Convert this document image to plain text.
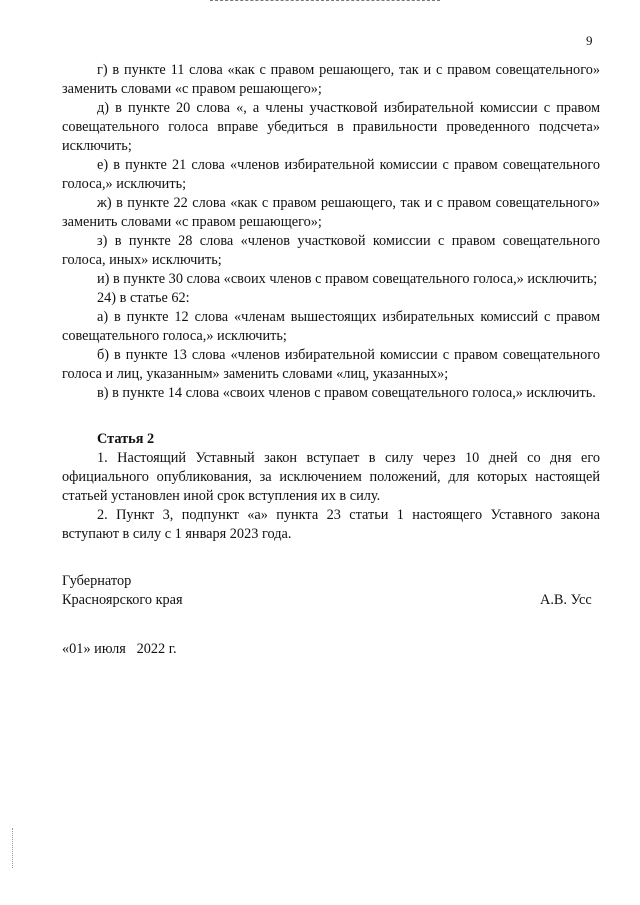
9

г) в пункте 11 слова «как с правом решающего, так и с правом совещательного» заменить словами «с правом решающего»;

д) в пункте 20 слова «, а члены участковой избирательной комиссии с правом совещательного голоса вправе убедиться в правильности проведенного подсчета» исключить;

е) в пункте 21 слова «членов избирательной комиссии с правом совещательного голоса,» исключить;

ж) в пункте 22 слова «как с правом решающего, так и с правом совещательного» заменить словами «с правом решающего»;

з) в пункте 28 слова «членов участковой комиссии с правом совещательного голоса, иных» исключить;

и) в пункте 30 слова «своих членов с правом совещательного голоса,» исключить;

24) в статье 62:

а) в пункте 12 слова «членам вышестоящих избирательных комиссий с правом совещательного голоса,» исключить;

б) в пункте 13 слова «членов избирательной комиссии с правом совещательного голоса и лиц, указанным» заменить словами «лиц, указанных»;

в) в пункте 14 слова «своих членов с правом совещательного голоса,» исключить.

Статья 2

1. Настоящий Уставный закон вступает в силу через 10 дней со дня его официального опубликования, за исключением положений, для которых настоящей статьей установлен иной срок вступления их в силу.

2. Пункт 3, подпункт «а» пункта 23 статьи 1 настоящего Уставного закона вступают в силу с 1 января 2023 года.

Губернатор
Красноярского края	А.В. Усс
«01» июля   2022 г.
